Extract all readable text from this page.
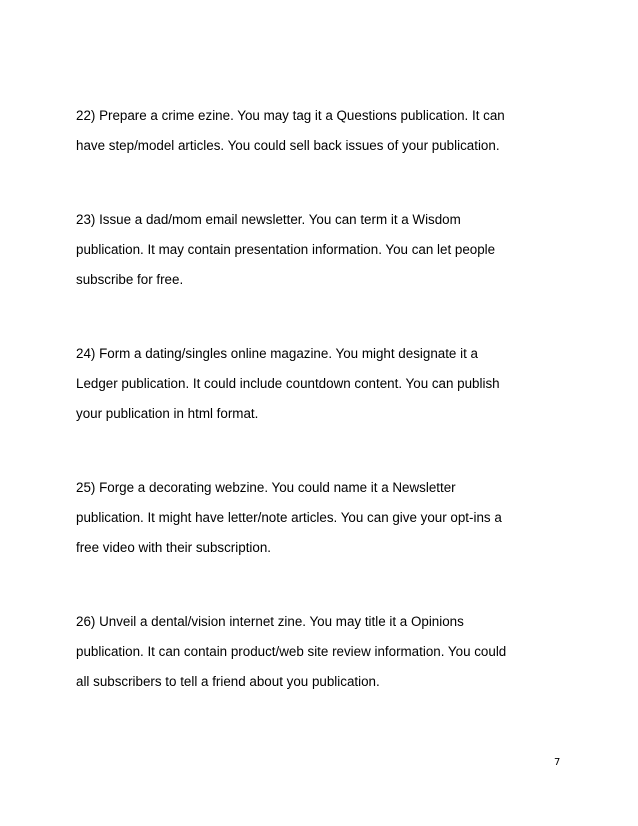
22) Prepare a crime ezine. You may tag it a Questions publication. It can
have step/model articles. You could sell back issues of your publication.

23) Issue a dad/mom email newsletter. You can term it a Wisdom
publication. It may contain presentation information. You can let people
subscribe for free.

24) Form a dating/singles online magazine. You might designate it a
Ledger publication. It could include countdown content. You can publish
your publication in html format.

25) Forge a decorating webzine. You could name it a Newsletter
publication. It might have letter/note articles. You can give your opt-ins a
free video with their subscription.

26) Unveil a dental/vision internet zine. You may title it a Opinions
publication. It can contain product/web site review information. You could
all subscribers to tell a friend about you publication.

7
